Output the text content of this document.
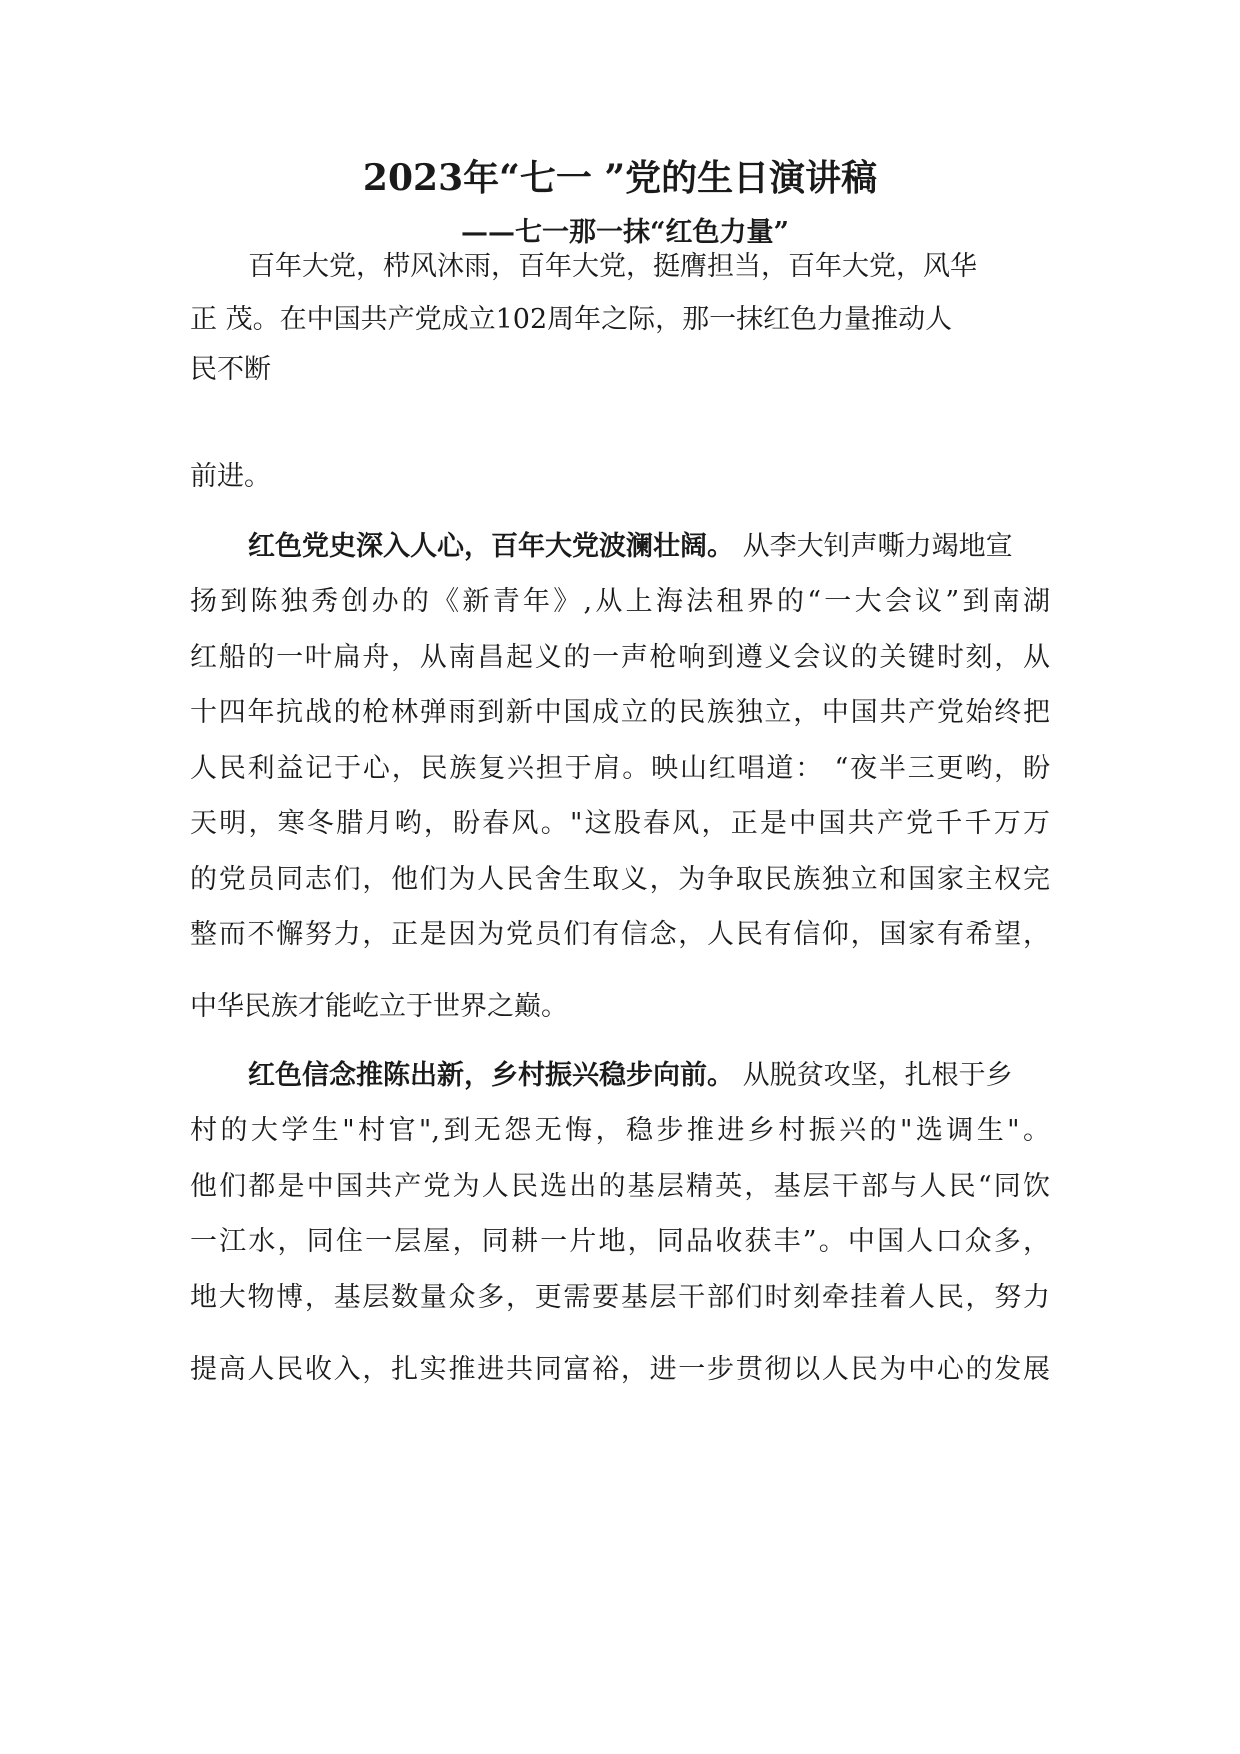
2023年“七一 ”党的生日演讲稿
——七一那一抹“红色力量”
百年大党，栉风沐雨，百年大党，挺膺担当，百年大党，风华
正 茂。在中国共产党成立102周年之际，那一抹红色力量推动人
民不断
前进。
红色党史深入人心，百年大党波澜壮阔。 从李大钊声嘶力竭地宣
扬到陈独秀创办的《新青年》,从上海法租界的“一大会议”到南湖
红船的一叶扁舟，从南昌起义的一声枪响到遵义会议的关键时刻，从
十四年抗战的枪林弹雨到新中国成立的民族独立，中国共产党始终把
人民利益记于心，民族复兴担于肩。映山红唱道： “夜半三更哟，盼
天明，寒冬腊月哟，盼春风。"这股春风，正是中国共产党千千万万
的党员同志们，他们为人民舍生取义，为争取民族独立和国家主权完
整而不懈努力，正是因为党员们有信念，人民有信仰，国家有希望，
中华民族才能屹立于世界之巅。
红色信念推陈出新，乡村振兴稳步向前。 从脱贫攻坚，扎根于乡
村的大学生"村官",到无怨无悔，稳步推进乡村振兴的"选调生"。
他们都是中国共产党为人民选出的基层精英，基层干部与人民“同饮
一江水，同住一层屋，同耕一片地，同品收获丰”。中国人口众多，
地大物博，基层数量众多，更需要基层干部们时刻牵挂着人民，努力
提高人民收入，扎实推进共同富裕，进一步贯彻以人民为中心的发展
